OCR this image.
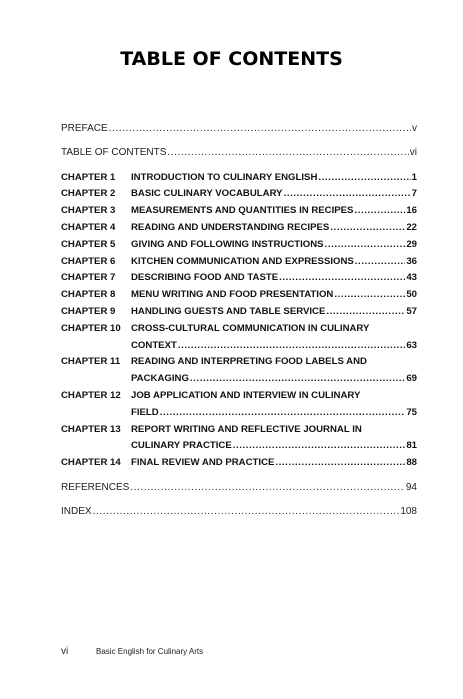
TABLE OF CONTENTS
PREFACE .....	v
TABLE OF CONTENTS .....	vi
CHAPTER 1	INTRODUCTION TO CULINARY ENGLISH .....	1
CHAPTER 2	BASIC CULINARY VOCABULARY .....	7
CHAPTER 3	MEASUREMENTS AND QUANTITIES IN RECIPES .....	16
CHAPTER 4	READING AND UNDERSTANDING RECIPES .....	22
CHAPTER 5	GIVING AND FOLLOWING INSTRUCTIONS .....	29
CHAPTER 6	KITCHEN COMMUNICATION AND EXPRESSIONS .....	36
CHAPTER 7	DESCRIBING FOOD AND TASTE .....	43
CHAPTER 8	MENU WRITING AND FOOD PRESENTATION .....	50
CHAPTER 9	HANDLING GUESTS AND TABLE SERVICE .....	57
CHAPTER 10	CROSS-CULTURAL COMMUNICATION IN CULINARY
CONTEXT .....	63
CHAPTER 11	READING AND INTERPRETING FOOD LABELS AND
PACKAGING .....	69
CHAPTER 12	JOB APPLICATION AND INTERVIEW IN CULINARY
FIELD .....	75
CHAPTER 13	REPORT WRITING AND REFLECTIVE JOURNAL IN
CULINARY PRACTICE .....	81
CHAPTER 14	FINAL REVIEW AND PRACTICE .....	88
REFERENCES .....	94
INDEX .....	108
vi	Basic English for Culinary Arts
